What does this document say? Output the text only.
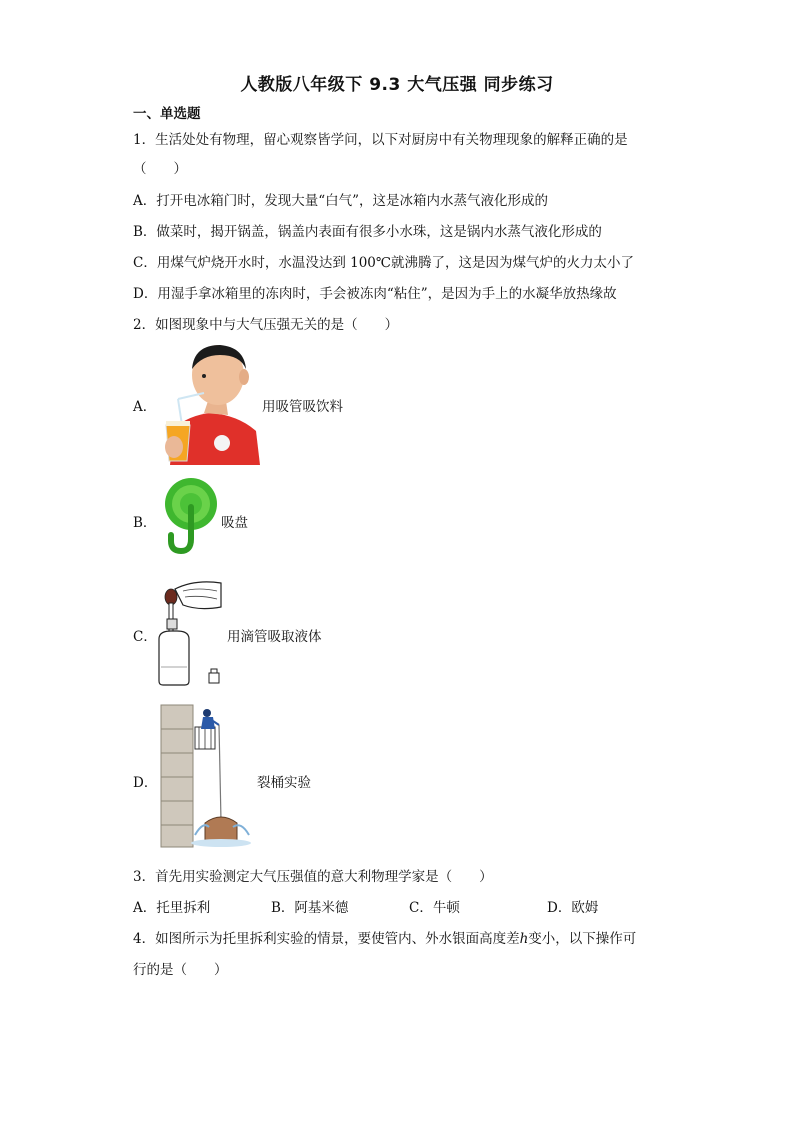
人教版八年级下 9.3 大气压强 同步练习
一、单选题
1．生活处处有物理，留心观察皆学问，以下对厨房中有关物理现象的解释正确的是
（　　）
A．打开电冰箱门时，发现大量“白气”，这是冰箱内水蒸气液化形成的
B．做菜时，揭开锅盖，锅盖内表面有很多小水珠，这是锅内水蒸气液化形成的
C．用煤气炉烧开水时，水温没达到 100℃就沸腾了，这是因为煤气炉的火力太小了
D．用湿手拿冰箱里的冻肉时，手会被冻肉“粘住”，是因为手上的水凝华放热缘故
2．如图现象中与大气压强无关的是（　　）
A．	用吸管吸饮料
B．	吸盘
C．	用滴管吸取液体
D．	裂桶实验
3．首先用实验测定大气压强值的意大利物理学家是（　　）
A．托里拆利	B．阿基米德	C．牛顿	D．欧姆
4．如图所示为托里拆利实验的情景，要使管内、外水银面高度差h变小，以下操作可
行的是（　　）
